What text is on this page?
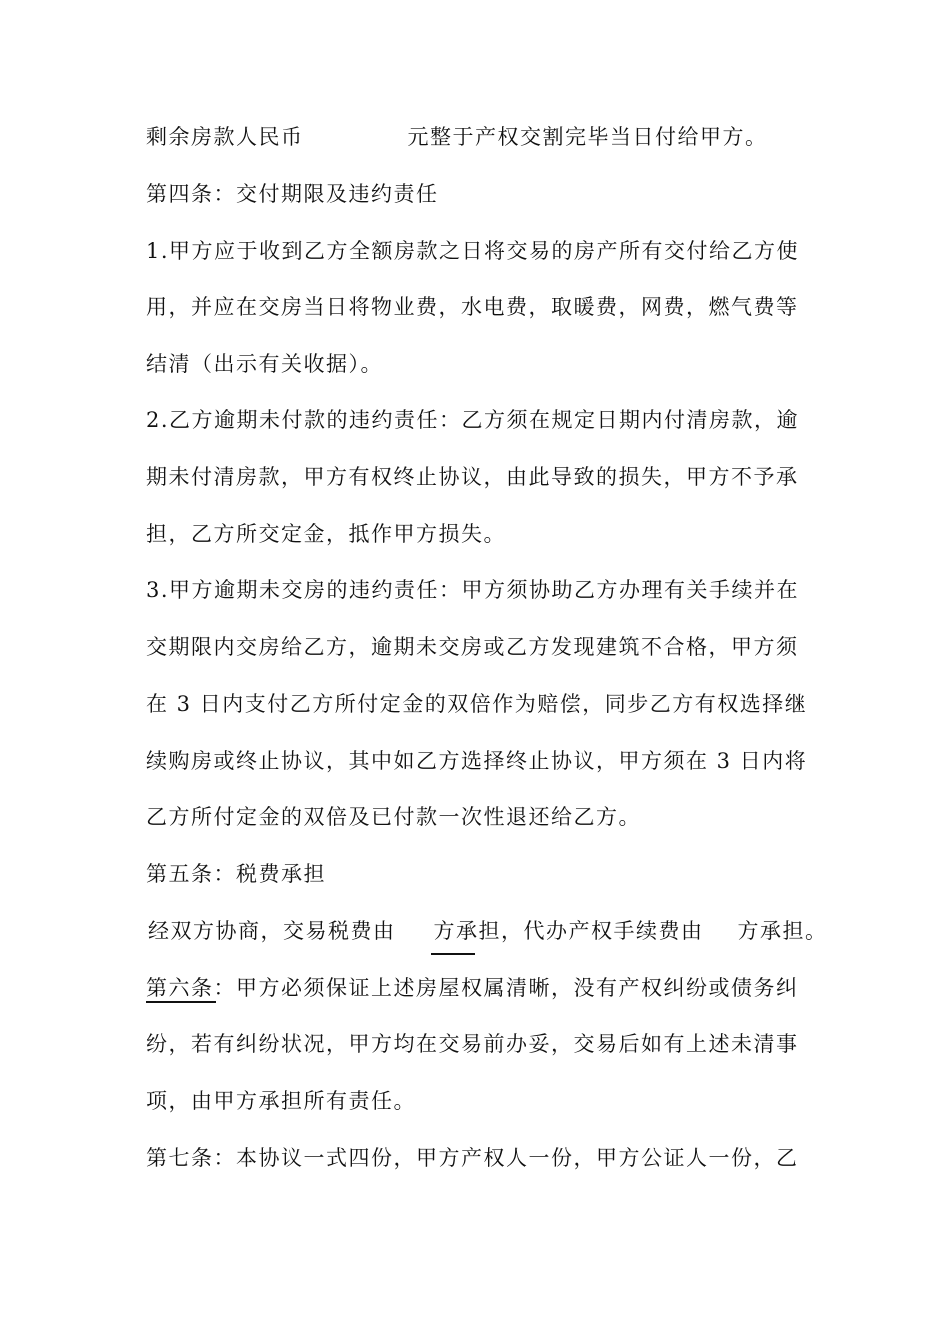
剩余房款人民币	元整于产权交割完毕当日付给甲方。
第四条：交付期限及违约责任
1.甲方应于收到乙方全额房款之日将交易的房产所有交付给乙方使
用，并应在交房当日将物业费，水电费，取暖费，网费，燃气费等
结清（出示有关收据）。
2.乙方逾期未付款的违约责任：乙方须在规定日期内付清房款，逾
期未付清房款，甲方有权终止协议，由此导致的损失，甲方不予承
担，乙方所交定金，抵作甲方损失。
3.甲方逾期未交房的违约责任：甲方须协助乙方办理有关手续并在
交期限内交房给乙方，逾期未交房或乙方发现建筑不合格，甲方须
在 3 日内支付乙方所付定金的双倍作为赔偿，同步乙方有权选择继
续购房或终止协议，其中如乙方选择终止协议，甲方须在 3 日内将
乙方所付定金的双倍及已付款一次性退还给乙方。
第五条：税费承担
经双方协商，交易税费由 方承担，代办产权手续费由 方承担。
第六条：甲方必须保证上述房屋权属清晰，没有产权纠纷或债务纠
纷，若有纠纷状况，甲方均在交易前办妥，交易后如有上述未清事
项，由甲方承担所有责任。
第七条：本协议一式四份，甲方产权人一份，甲方公证人一份，乙
